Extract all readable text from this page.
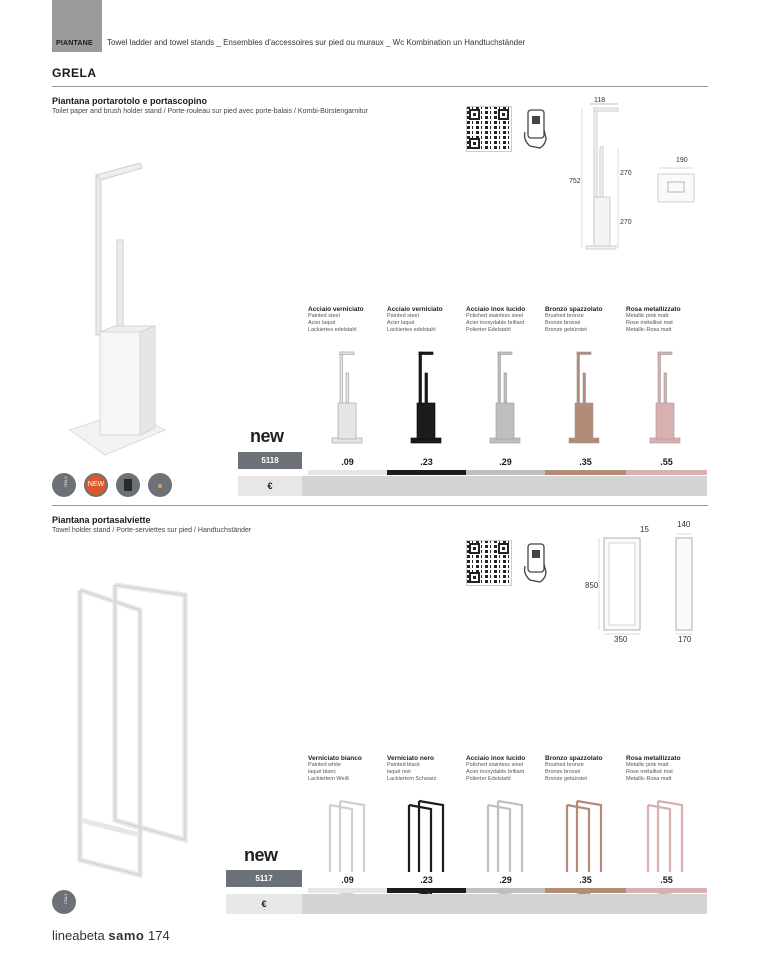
PIANTANE Towel ladder and towel stands _ Ensembles d'accessoires sur pied ou muraux _ Wc Kombination un Handtuchständer
GRELA
Piantana portarotolo e portascopino
Toilet paper and brush holder stand / Porte-rouleau sur pied avec porte-balais / Kombi-Bürstengarnitur
118
752
270
190
270
Acciaio verniciato
Painted steel
Acier laqué
Lackiertes edelstahl
.09
Acciaio verniciato
Painted steel
Acier laqué
Lackiertes edelstahl
.23
Acciaio inox lucido
Polished stainless steel
Acier inoxydable brillant
Polierter Edelstahl
.29
Bronzo spazzolato
Brushed bronze
Bronze brossé
Bronze gebürstet
.35
Rosa metallizzato
Metallic pink matt
Rose métallisé mat
Metallic-Rosa matt
.55
new
5118
€
ITALY	NEW
Piantana portasalviette
Towel holder stand / Porte-serviettes sur pied / Handtuchständer	15
140
850
350	170
Verniciato bianco
Painted white
laqué blanc
Lackiertem Weiß
.09
Verniciato nero
Painted black
laqué noir
Lackiertem Schwarz
.23
Acciaio inox lucido
Polished stainless steel
Acier inoxydable brillant
Polierter Edelstahl
.29
Bronzo spazzolato
Brushed bronze
Bronze brossé
Bronze gebürstet
.35
Rosa metallizzato
Metallic pink matt
Rose métallisé mat
Metallic-Rosa matt
.55
new
5117
€
ITALY
lineabeta samo 174
